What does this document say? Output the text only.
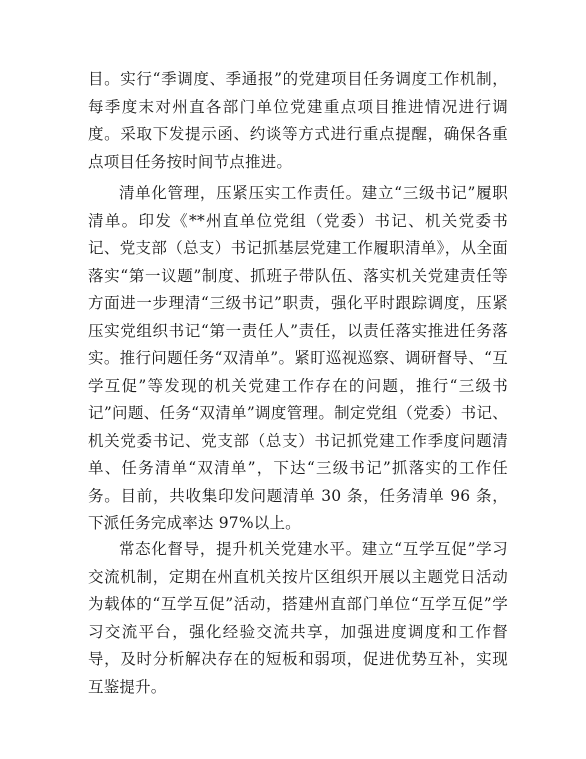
目。实行“季调度、季通报”的党建项目任务调度工作机制，每季度末对州直各部门单位党建重点项目推进情况进行调度。采取下发提示函、约谈等方式进行重点提醒，确保各重点项目任务按时间节点推进。

清单化管理，压紧压实工作责任。建立“三级书记”履职清单。印发《**州直单位党组（党委）书记、机关党委书记、党支部（总支）书记抓基层党建工作履职清单》，从全面落实“第一议题”制度、抓班子带队伍、落实机关党建责任等方面进一步理清“三级书记”职责，强化平时跟踪调度，压紧压实党组织书记“第一责任人”责任，以责任落实推进任务落实。推行问题任务“双清单”。紧盯巡视巡察、调研督导、“互学互促”等发现的机关党建工作存在的问题，推行“三级书记”问题、任务“双清单”调度管理。制定党组（党委）书记、机关党委书记、党支部（总支）书记抓党建工作季度问题清单、任务清单“双清单”，下达“三级书记”抓落实的工作任务。目前，共收集印发问题清单 30 条，任务清单 96 条，下派任务完成率达 97%以上。

常态化督导，提升机关党建水平。建立“互学互促”学习交流机制，定期在州直机关按片区组织开展以主题党日活动为载体的“互学互促”活动，搭建州直部门单位“互学互促”学习交流平台，强化经验交流共享，加强进度调度和工作督导，及时分析解决存在的短板和弱项，促进优势互补，实现互鉴提升。
